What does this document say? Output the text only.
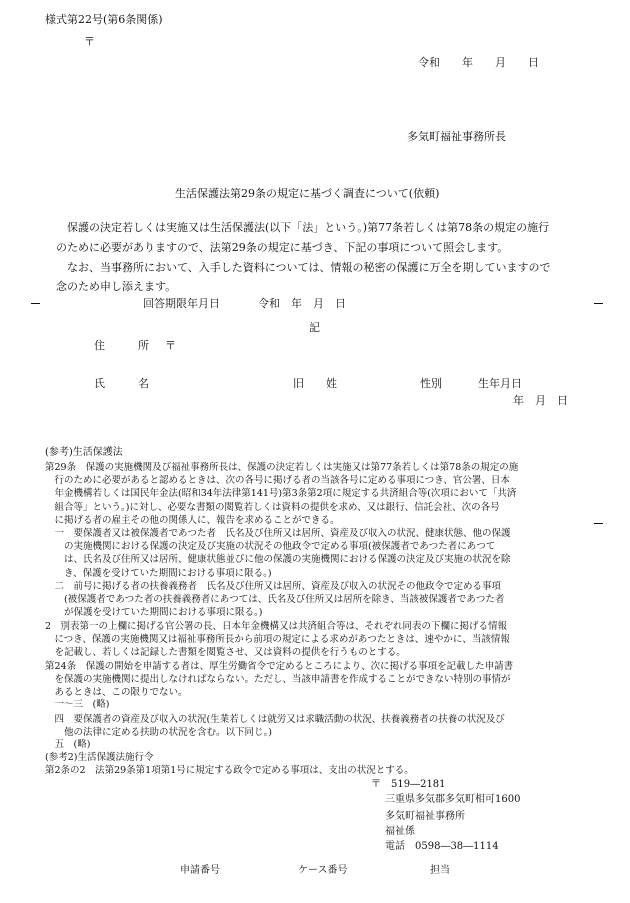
様式第22号(第6条関係)
〒
令和　　年　　月　　日
多気町福祉事務所長
生活保護法第29条の規定に基づく調査について(依頼)
　保護の決定若しくは実施又は生活保護法(以下「法」という。)第77条若しくは第78条の規定の施行
のために必要がありますので、法第29条の規定に基づき、下記の事項について照会します。
　なお、当事務所において、入手した資料については、情報の秘密の保護に万全を期していますので
念のため申し添えます。
回答期限年月日	令和　年　月　日
記
住　　　所 〒
氏　　　名	旧　　姓	性別	生年月日
年　月　日
(参考)生活保護法
第29条　保護の実施機関及び福祉事務所長は、保護の決定若しくは実施又は第77条若しくは第78条の規定の施
　行のために必要があると認めるときは、次の各号に掲げる者の当該各号に定める事項につき、官公署、日本
　年金機構若しくは国民年金法(昭和34年法律第141号)第3条第2項に規定する共済組合等(次項において「共済
　組合等」という。)に対し、必要な書類の閲覧若しくは資料の提供を求め、又は銀行、信託会社、次の各号
　に掲げる者の雇主その他の関係人に、報告を求めることができる。
　一　要保護者又は被保護者であつた者　氏名及び住所又は居所、資産及び収入の状況、健康状態、他の保護
　　の実施機関における保護の決定及び実施の状況その他政令で定める事項(被保護者であつた者にあつて
　　は、氏名及び住所又は居所、健康状態並びに他の保護の実施機関における保護の決定及び実施の状況を除
　　き、保護を受けていた期間における事項に限る。)
　二　前号に掲げる者の扶養義務者　氏名及び住所又は居所、資産及び収入の状況その他政令で定める事項
　　(被保護者であつた者の扶養義務者にあつては、氏名及び住所又は居所を除き、当該被保護者であつた者
　　が保護を受けていた期間における事項に限る。)
2　別表第一の上欄に掲げる官公署の長、日本年金機構又は共済組合等は、それぞれ同表の下欄に掲げる情報
　につき、保護の実施機関又は福祉事務所長から前項の規定による求めがあつたときは、速やかに、当該情報
　を記載し、若しくは記録した書類を閲覧させ、又は資料の提供を行うものとする。
第24条　保護の開始を申請する者は、厚生労働省令で定めるところにより、次に掲げる事項を記載した申請書
　を保護の実施機関に提出しなければならない。ただし、当該申請書を作成することができない特別の事情が
　あるときは、この限りでない。
　一〜三　(略)
　四　要保護者の資産及び収入の状況(生業若しくは就労又は求職活動の状況、扶養義務者の扶養の状況及び
　　他の法律に定める扶助の状況を含む。以下同じ。)
　五　(略)
(参考2)生活保護法施行令
第2条の2　法第29条第1項第1号に規定する政令で定める事項は、支出の状況とする。
〒　519―2181
三重県多気郡多気町相可1600
多気町福祉事務所
福祉係
電話　0598―38―1114
申請番号	ケース番号	担当
